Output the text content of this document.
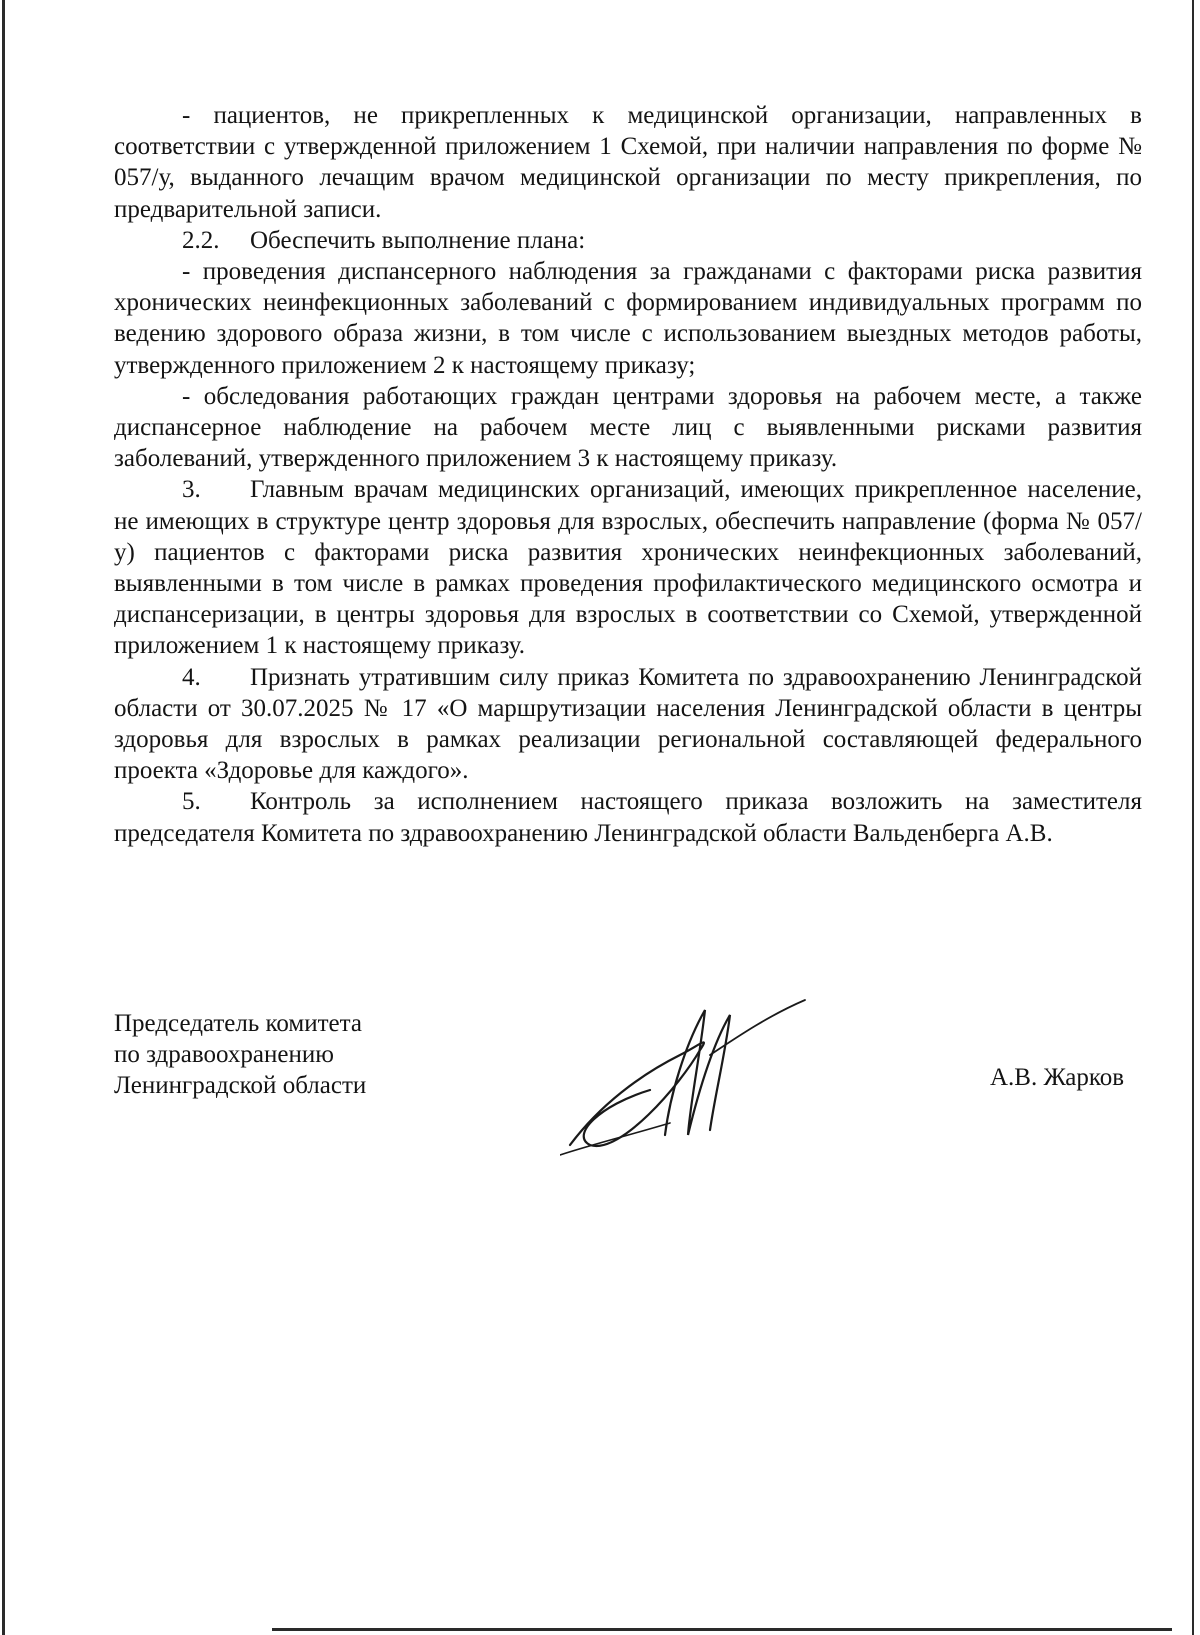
- пациентов, не прикрепленных к медицинской организации, направленных в соответствии с утвержденной приложением 1 Схемой, при наличии направления по форме № 057/у, выданного лечащим врачом медицинской организации по месту прикрепления, по предварительной записи.

2.2. Обеспечить выполнение плана:

- проведения диспансерного наблюдения за гражданами с факторами риска развития хронических неинфекционных заболеваний с формированием индивидуальных программ по ведению здорового образа жизни, в том числе с использованием выездных методов работы, утвержденного приложением 2 к настоящему приказу;

- обследования работающих граждан центрами здоровья на рабочем месте, а также диспансерное наблюдение на рабочем месте лиц с выявленными рисками развития заболеваний, утвержденного приложением 3 к настоящему приказу.

3. Главным врачам медицинских организаций, имеющих прикрепленное население, не имеющих в структуре центр здоровья для взрослых, обеспечить направление (форма № 057/у) пациентов с факторами риска развития хронических неинфекционных заболеваний, выявленными в том числе в рамках проведения профилактического медицинского осмотра и диспансеризации, в центры здоровья для взрослых в соответствии со Схемой, утвержденной приложением 1 к настоящему приказу.

4. Признать утратившим силу приказ Комитета по здравоохранению Ленинградской области от 30.07.2025 № 17 «О маршрутизации населения Ленинградской области в центры здоровья для взрослых в рамках реализации региональной составляющей федерального проекта «Здоровье для каждого».

5. Контроль за исполнением настоящего приказа возложить на заместителя председателя Комитета по здравоохранению Ленинградской области Вальденберга А.В.

Председатель комитета
по здравоохранению
Ленинградской области	А.В. Жарков
